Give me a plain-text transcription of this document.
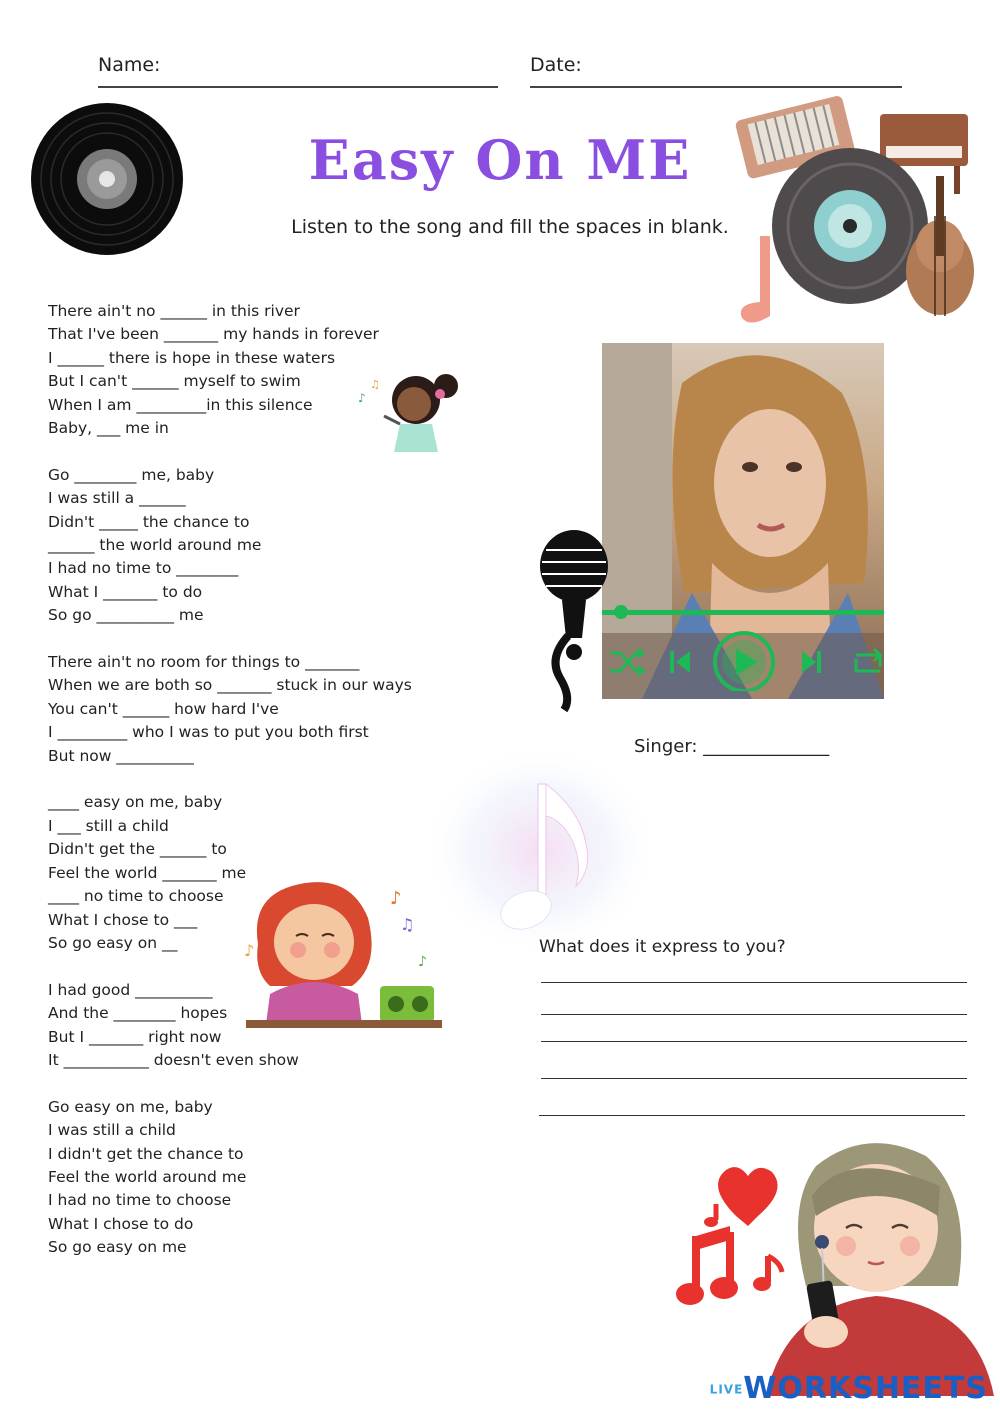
Name:	Date:
Easy On ME
Listen to the song and fill the spaces in blank.
There ain't no ______ in this river
That I've been _______ my hands in forever
I ______ there is hope in these waters
But I can't ______ myself to swim
When I am _________in this silence
Baby, ___ me in
Go ________ me, baby
I was still a ______
Didn't _____ the chance to
______ the world around me
I had no time to ________
What I _______ to do
So go __________ me
There ain't no room for things to _______
When we are both so _______ stuck in our ways
You can't ______ how hard I've
I _________ who I was to put you both first
But now __________
____ easy on me, baby
I ___ still a child
Didn't get the ______ to
Feel the world _______ me
____ no time to choose
What I chose to ___
So go easy on __
I had good __________
And the ________ hopes
But I _______ right now
It ___________ doesn't even show
Go easy on me, baby
I was still a child
I didn't get the chance to
Feel the world around me
I had no time to choose
What I chose to do
So go easy on me
♪
♫
Singer: ______________
♪
♫
♪
♪
What does it express to you?
LIVEWORKSHEETS
